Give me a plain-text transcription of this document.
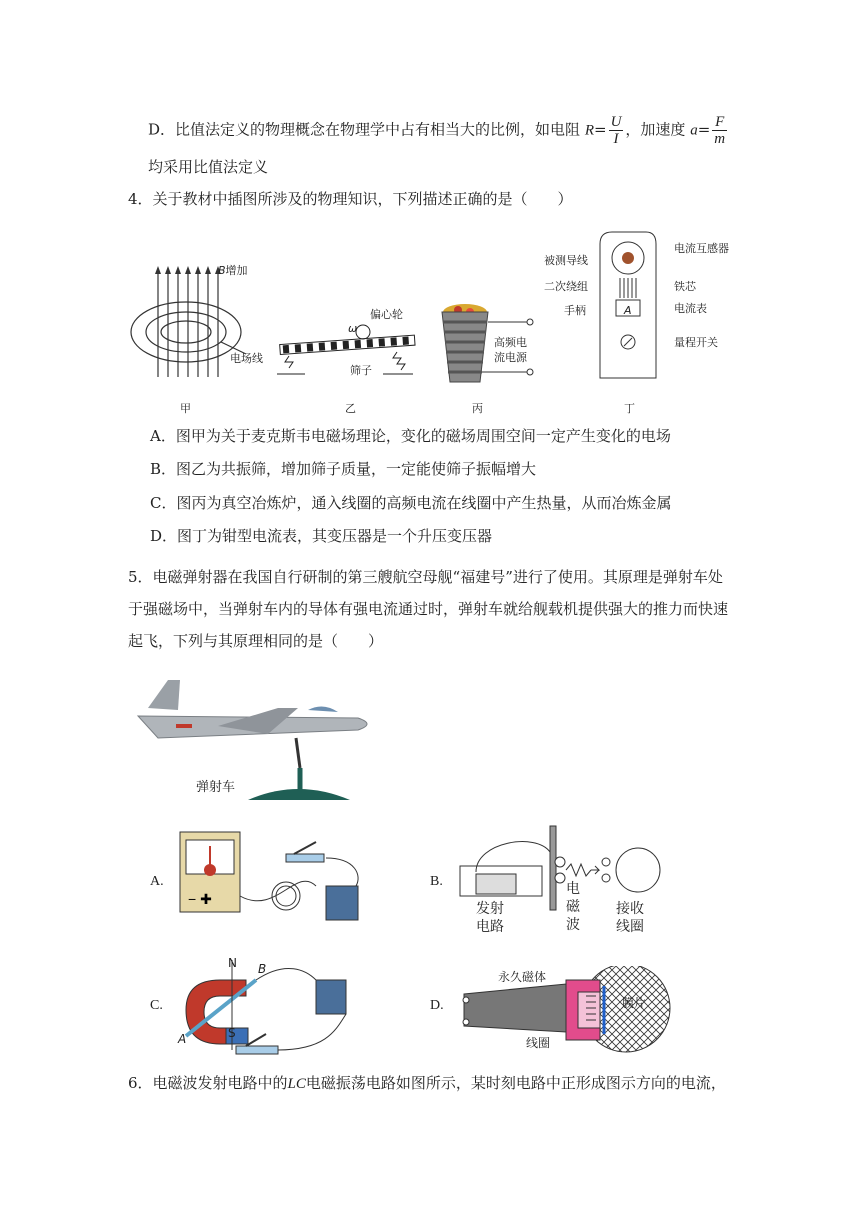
D．比值法定义的物理概念在物理学中占有相当大的比例，如电阻 $R= \frac{U}{I}$ ，加速度 $a= \frac{F}{m}$
均采用比值法定义
4．关于教材中插图所涉及的物理知识，下列描述正确的是（　　）
B增加
电场线
甲
ω
偏心轮
筛子
乙
高频电
流电源
丙
被测导线
二次绕组
手柄
电流互感器
铁芯
电流表
A
量程开关
丁
A．图甲为关于麦克斯韦电磁场理论，变化的磁场周围空间一定产生变化的电场
B．图乙为共振筛，增加筛子质量，一定能使筛子振幅增大
C．图丙为真空冶炼炉，通入线圈的高频电流在线圈中产生热量，从而冶炼金属
D．图丁为钳型电流表，其变压器是一个升压变压器
5．电磁弹射器在我国自行研制的第三艘航空母舰“福建号”进行了使用。其原理是弹射车处
于强磁场中，当弹射车内的导体有强电流通过时，弹射车就给舰载机提供强大的推力而快速
起飞，下列与其原理相同的是（　　）
弹射车
A.
− ✚
B.
发射
电路
电
磁
波
接收
线圈
C.
N
S
A
B
D.
永久磁体
膜片
线圈
6．电磁波发射电路中的LC电磁振荡电路如图所示，某时刻电路中正形成图示方向的电流，
